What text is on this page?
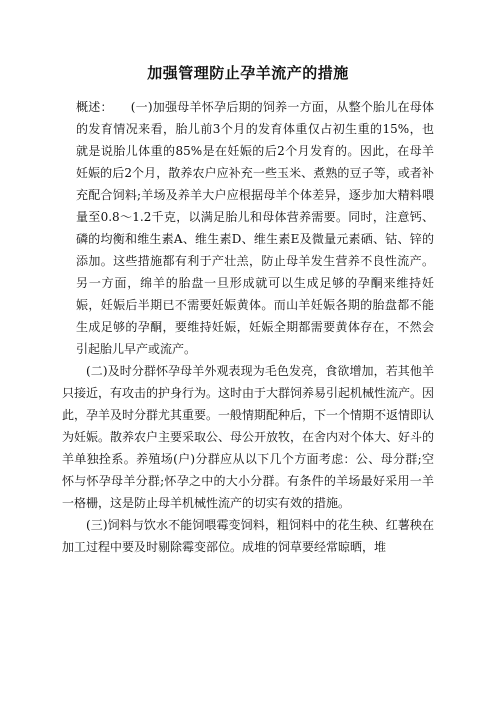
加强管理防止孕羊流产的措施

概述： (一)加强母羊怀孕后期的饲养一方面，从整个胎儿在母体的发育情况来看，胎儿前3个月的发育体重仅占初生重的15%，也就是说胎儿体重的85%是在妊娠的后2个月发育的。因此，在母羊妊娠的后2个月，散养农户应补充一些玉米、煮熟的豆子等，或者补充配合饲料;羊场及养羊大户应根据母羊个体差异，逐步加大精料喂量至0.8～1.2千克，以满足胎儿和母体营养需要。同时，注意钙、磷的均衡和维生素A、维生素D、维生素E及微量元素硒、钴、锌的添加。这些措施都有利于产壮羔，防止母羊发生营养不良性流产。另一方面，绵羊的胎盘一旦形成就可以生成足够的孕酮来维持妊娠，妊娠后半期已不需要妊娠黄体。而山羊妊娠各期的胎盘都不能生成足够的孕酮，要维持妊娠，妊娠全期都需要黄体存在，不然会引起胎儿早产或流产。

(二)及时分群怀孕母羊外观表现为毛色发亮，食欲增加，若其他羊只接近，有攻击的护身行为。这时由于大群饲养易引起机械性流产。因此，孕羊及时分群尤其重要。一般情期配种后，下一个情期不返情即认为妊娠。散养农户主要采取公、母公开放牧，在舍内对个体大、好斗的羊单独拴系。养殖场(户)分群应从以下几个方面考虑：公、母分群;空怀与怀孕母羊分群;怀孕之中的大小分群。有条件的羊场最好采用一羊一格栅，这是防止母羊机械性流产的切实有效的措施。

(三)饲料与饮水不能饲喂霉变饲料，粗饲料中的花生秧、红薯秧在加工过程中要及时剔除霉变部位。成堆的饲草要经常晾晒，堆
